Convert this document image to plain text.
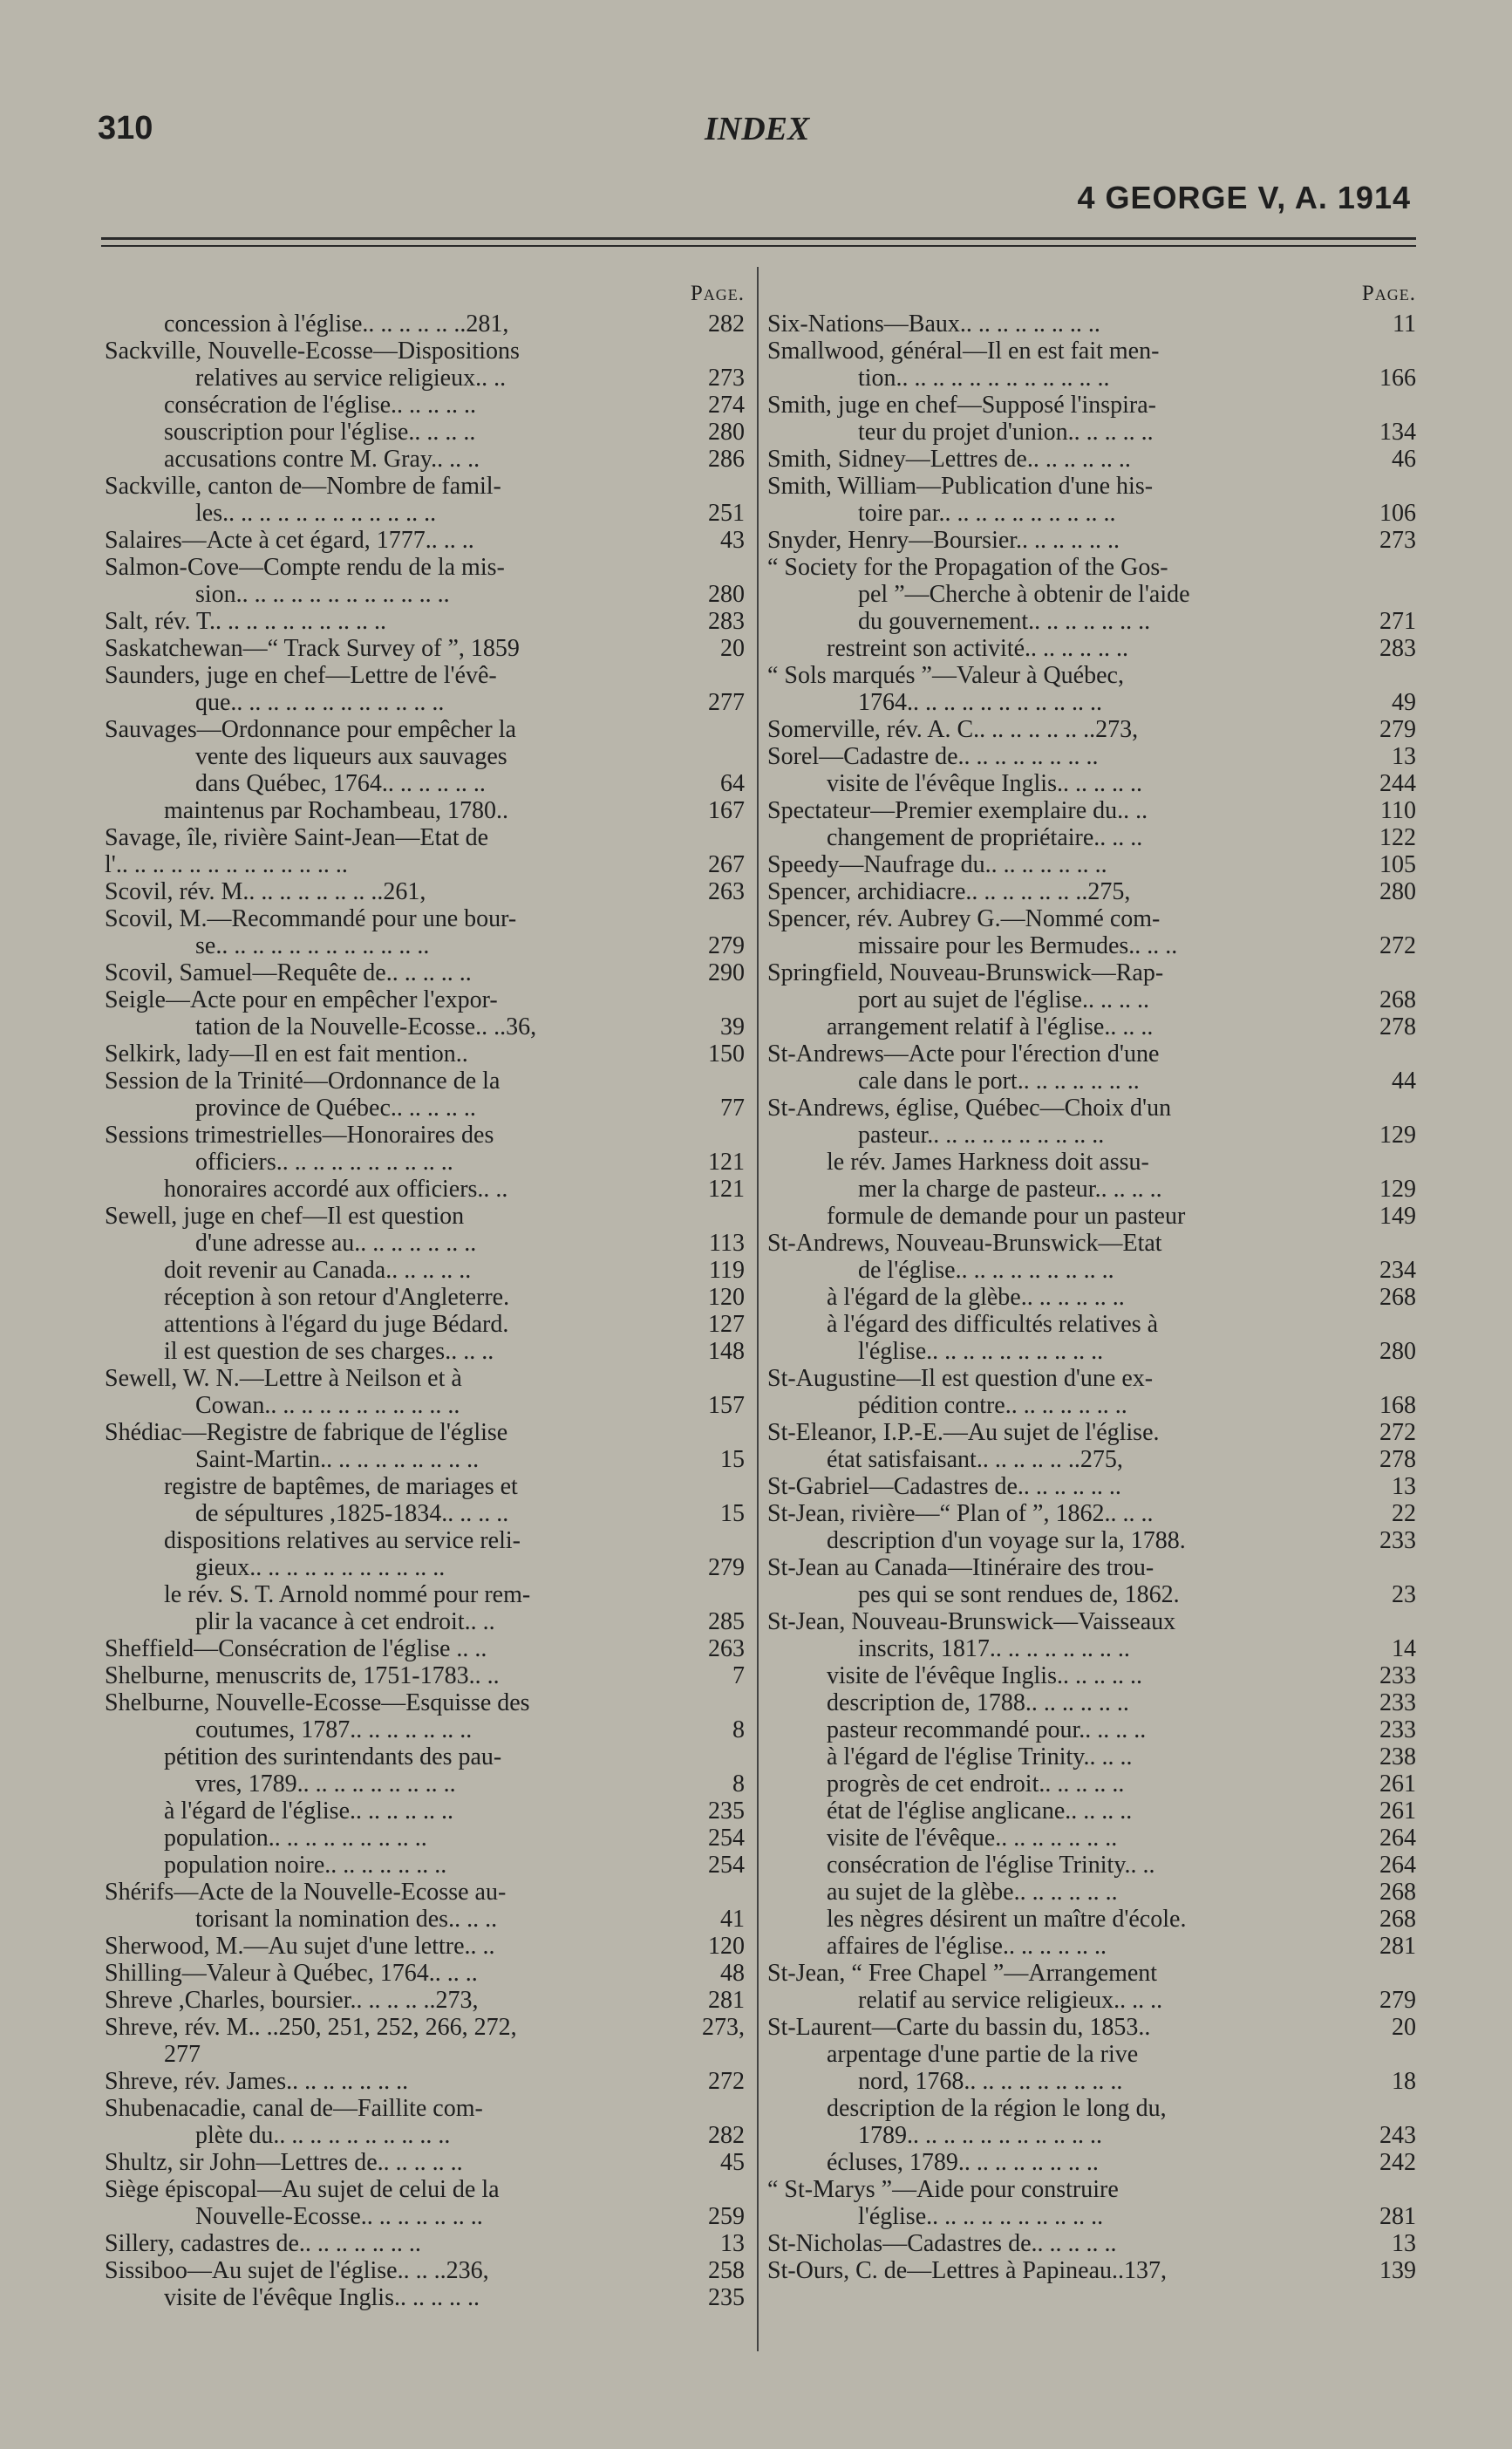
310	INDEX
4 GEORGE V, A. 1914
Page.
concession à l'église.. .. .. .. .. ..281,	282
Sackville, Nouvelle-Ecosse—Dispositions
relatives au service religieux.. ..	273
consécration de l'église.. .. .. .. ..	274
souscription pour l'église.. .. .. ..	280
accusations contre M. Gray.. .. ..	286
Sackville, canton de—Nombre de famil-
les.. .. .. .. .. .. .. .. .. .. .. ..	251
Salaires—Acte à cet égard, 1777.. .. ..	43
Salmon-Cove—Compte rendu de la mis-
sion.. .. .. .. .. .. .. .. .. .. .. ..	280
Salt, rév. T.. .. .. .. .. .. .. .. .. ..	283
Saskatchewan—“ Track Survey of ”, 1859	20
Saunders, juge en chef—Lettre de l'évê-
que.. .. .. .. .. .. .. .. .. .. .. ..	277
Sauvages—Ordonnance pour empêcher la
vente des liqueurs aux sauvages
dans Québec, 1764.. .. .. .. .. ..	64
maintenus par Rochambeau, 1780..	167
Savage, île, rivière Saint-Jean—Etat de
l'.. .. .. .. .. .. .. .. .. .. .. .. ..	267
Scovil, rév. M.. .. .. .. .. .. .. ..261,	263
Scovil, M.—Recommandé pour une bour-
se.. .. .. .. .. .. .. .. .. .. .. ..	279
Scovil, Samuel—Requête de.. .. .. .. ..	290
Seigle—Acte pour en empêcher l'expor-
tation de la Nouvelle-Ecosse.. ..36,	39
Selkirk, lady—Il en est fait mention..	150
Session de la Trinité—Ordonnance de la
province de Québec.. .. .. .. ..	77
Sessions trimestrielles—Honoraires des
officiers.. .. .. .. .. .. .. .. .. ..	121
honoraires accordé aux officiers.. ..	121
Sewell, juge en chef—Il est question
d'une adresse au.. .. .. .. .. .. ..	113
doit revenir au Canada.. .. .. .. ..	119
réception à son retour d'Angleterre.	120
attentions à l'égard du juge Bédard.	127
il est question de ses charges.. .. ..	148
Sewell, W. N.—Lettre à Neilson et à
Cowan.. .. .. .. .. .. .. .. .. .. ..	157
Shédiac—Registre de fabrique de l'église
Saint-Martin.. .. .. .. .. .. .. .. ..	15
registre de baptêmes, de mariages et
de sépultures ,1825-1834.. .. .. ..	15
dispositions relatives au service reli-
gieux.. .. .. .. .. .. .. .. .. .. ..	279
le rév. S. T. Arnold nommé pour rem-
plir la vacance à cet endroit.. ..	285
Sheffield—Consécration de l'église .. ..	263
Shelburne, menuscrits de, 1751-1783.. ..	7
Shelburne, Nouvelle-Ecosse—Esquisse des
coutumes, 1787.. .. .. .. .. .. ..	8
pétition des surintendants des pau-
vres, 1789.. .. .. .. .. .. .. .. ..	8
à l'égard de l'église.. .. .. .. .. ..	235
population.. .. .. .. .. .. .. .. ..	254
population noire.. .. .. .. .. .. ..	254
Shérifs—Acte de la Nouvelle-Ecosse au-
torisant la nomination des.. .. ..	41
Sherwood, M.—Au sujet d'une lettre.. ..	120
Shilling—Valeur à Québec, 1764.. .. ..	48
Shreve ,Charles, boursier.. .. .. .. ..273,	281
Shreve, rév. M.. ..250, 251, 252, 266, 272,	273,
277
Shreve, rév. James.. .. .. .. .. .. ..	272
Shubenacadie, canal de—Faillite com-
plète du.. .. .. .. .. .. .. .. .. ..	282
Shultz, sir John—Lettres de.. .. .. .. ..	45
Siège épiscopal—Au sujet de celui de la
Nouvelle-Ecosse.. .. .. .. .. .. ..	259
Sillery, cadastres de.. .. .. .. .. .. ..	13
Sissiboo—Au sujet de l'église.. .. ..236,	258
visite de l'évêque Inglis.. .. .. .. ..	235
Page.
Six-Nations—Baux.. .. .. .. .. .. .. ..	11
Smallwood, général—Il en est fait men-
tion.. .. .. .. .. .. .. .. .. .. .. ..	166
Smith, juge en chef—Supposé l'inspira-
teur du projet d'union.. .. .. .. ..	134
Smith, Sidney—Lettres de.. .. .. .. .. ..	46
Smith, William—Publication d'une his-
toire par.. .. .. .. .. .. .. .. .. ..	106
Snyder, Henry—Boursier.. .. .. .. .. ..	273
“ Society for the Propagation of the Gos-
pel ”—Cherche à obtenir de l'aide
du gouvernement.. .. .. .. .. .. ..	271
restreint son activité.. .. .. .. .. ..	283
“ Sols marqués ”—Valeur à Québec,
1764.. .. .. .. .. .. .. .. .. .. ..	49
Somerville, rév. A. C.. .. .. .. .. .. ..273,	279
Sorel—Cadastre de.. .. .. .. .. .. .. ..	13
visite de l'évêque Inglis.. .. .. .. ..	244
Spectateur—Premier exemplaire du.. ..	110
changement de propriétaire.. .. ..	122
Speedy—Naufrage du.. .. .. .. .. .. ..	105
Spencer, archidiacre.. .. .. .. .. .. ..275,	280
Spencer, rév. Aubrey G.—Nommé com-
missaire pour les Bermudes.. .. ..	272
Springfield, Nouveau-Brunswick—Rap-
port au sujet de l'église.. .. .. ..	268
arrangement relatif à l'église.. .. ..	278
St-Andrews—Acte pour l'érection d'une
cale dans le port.. .. .. .. .. .. ..	44
St-Andrews, église, Québec—Choix d'un
pasteur.. .. .. .. .. .. .. .. .. ..	129
le rév. James Harkness doit assu-
mer la charge de pasteur.. .. .. ..	129
formule de demande pour un pasteur	149
St-Andrews, Nouveau-Brunswick—Etat
de l'église.. .. .. .. .. .. .. .. ..	234
à l'égard de la glèbe.. .. .. .. .. ..	268
à l'égard des difficultés relatives à
l'église.. .. .. .. .. .. .. .. .. ..	280
St-Augustine—Il est question d'une ex-
pédition contre.. .. .. .. .. .. ..	168
St-Eleanor, I.P.-E.—Au sujet de l'église.	272
état satisfaisant.. .. .. .. .. ..275,	278
St-Gabriel—Cadastres de.. .. .. .. .. ..	13
St-Jean, rivière—“ Plan of ”, 1862.. .. ..	22
description d'un voyage sur la, 1788.	233
St-Jean au Canada—Itinéraire des trou-
pes qui se sont rendues de, 1862.	23
St-Jean, Nouveau-Brunswick—Vaisseaux
inscrits, 1817.. .. .. .. .. .. .. ..	14
visite de l'évêque Inglis.. .. .. .. ..	233
description de, 1788.. .. .. .. .. ..	233
pasteur recommandé pour.. .. .. ..	233
à l'égard de l'église Trinity.. .. ..	238
progrès de cet endroit.. .. .. .. ..	261
état de l'église anglicane.. .. .. ..	261
visite de l'évêque.. .. .. .. .. .. ..	264
consécration de l'église Trinity.. ..	264
au sujet de la glèbe.. .. .. .. .. ..	268
les nègres désirent un maître d'école.	268
affaires de l'église.. .. .. .. .. ..	281
St-Jean, “ Free Chapel ”—Arrangement
relatif au service religieux.. .. ..	279
St-Laurent—Carte du bassin du, 1853..	20
arpentage d'une partie de la rive
nord, 1768.. .. .. .. .. .. .. .. ..	18
description de la région le long du,
1789.. .. .. .. .. .. .. .. .. .. ..	243
écluses, 1789.. .. .. .. .. .. .. ..	242
“ St-Marys ”—Aide pour construire
l'église.. .. .. .. .. .. .. .. .. ..	281
St-Nicholas—Cadastres de.. .. .. .. ..	13
St-Ours, C. de—Lettres à Papineau..137,	139
